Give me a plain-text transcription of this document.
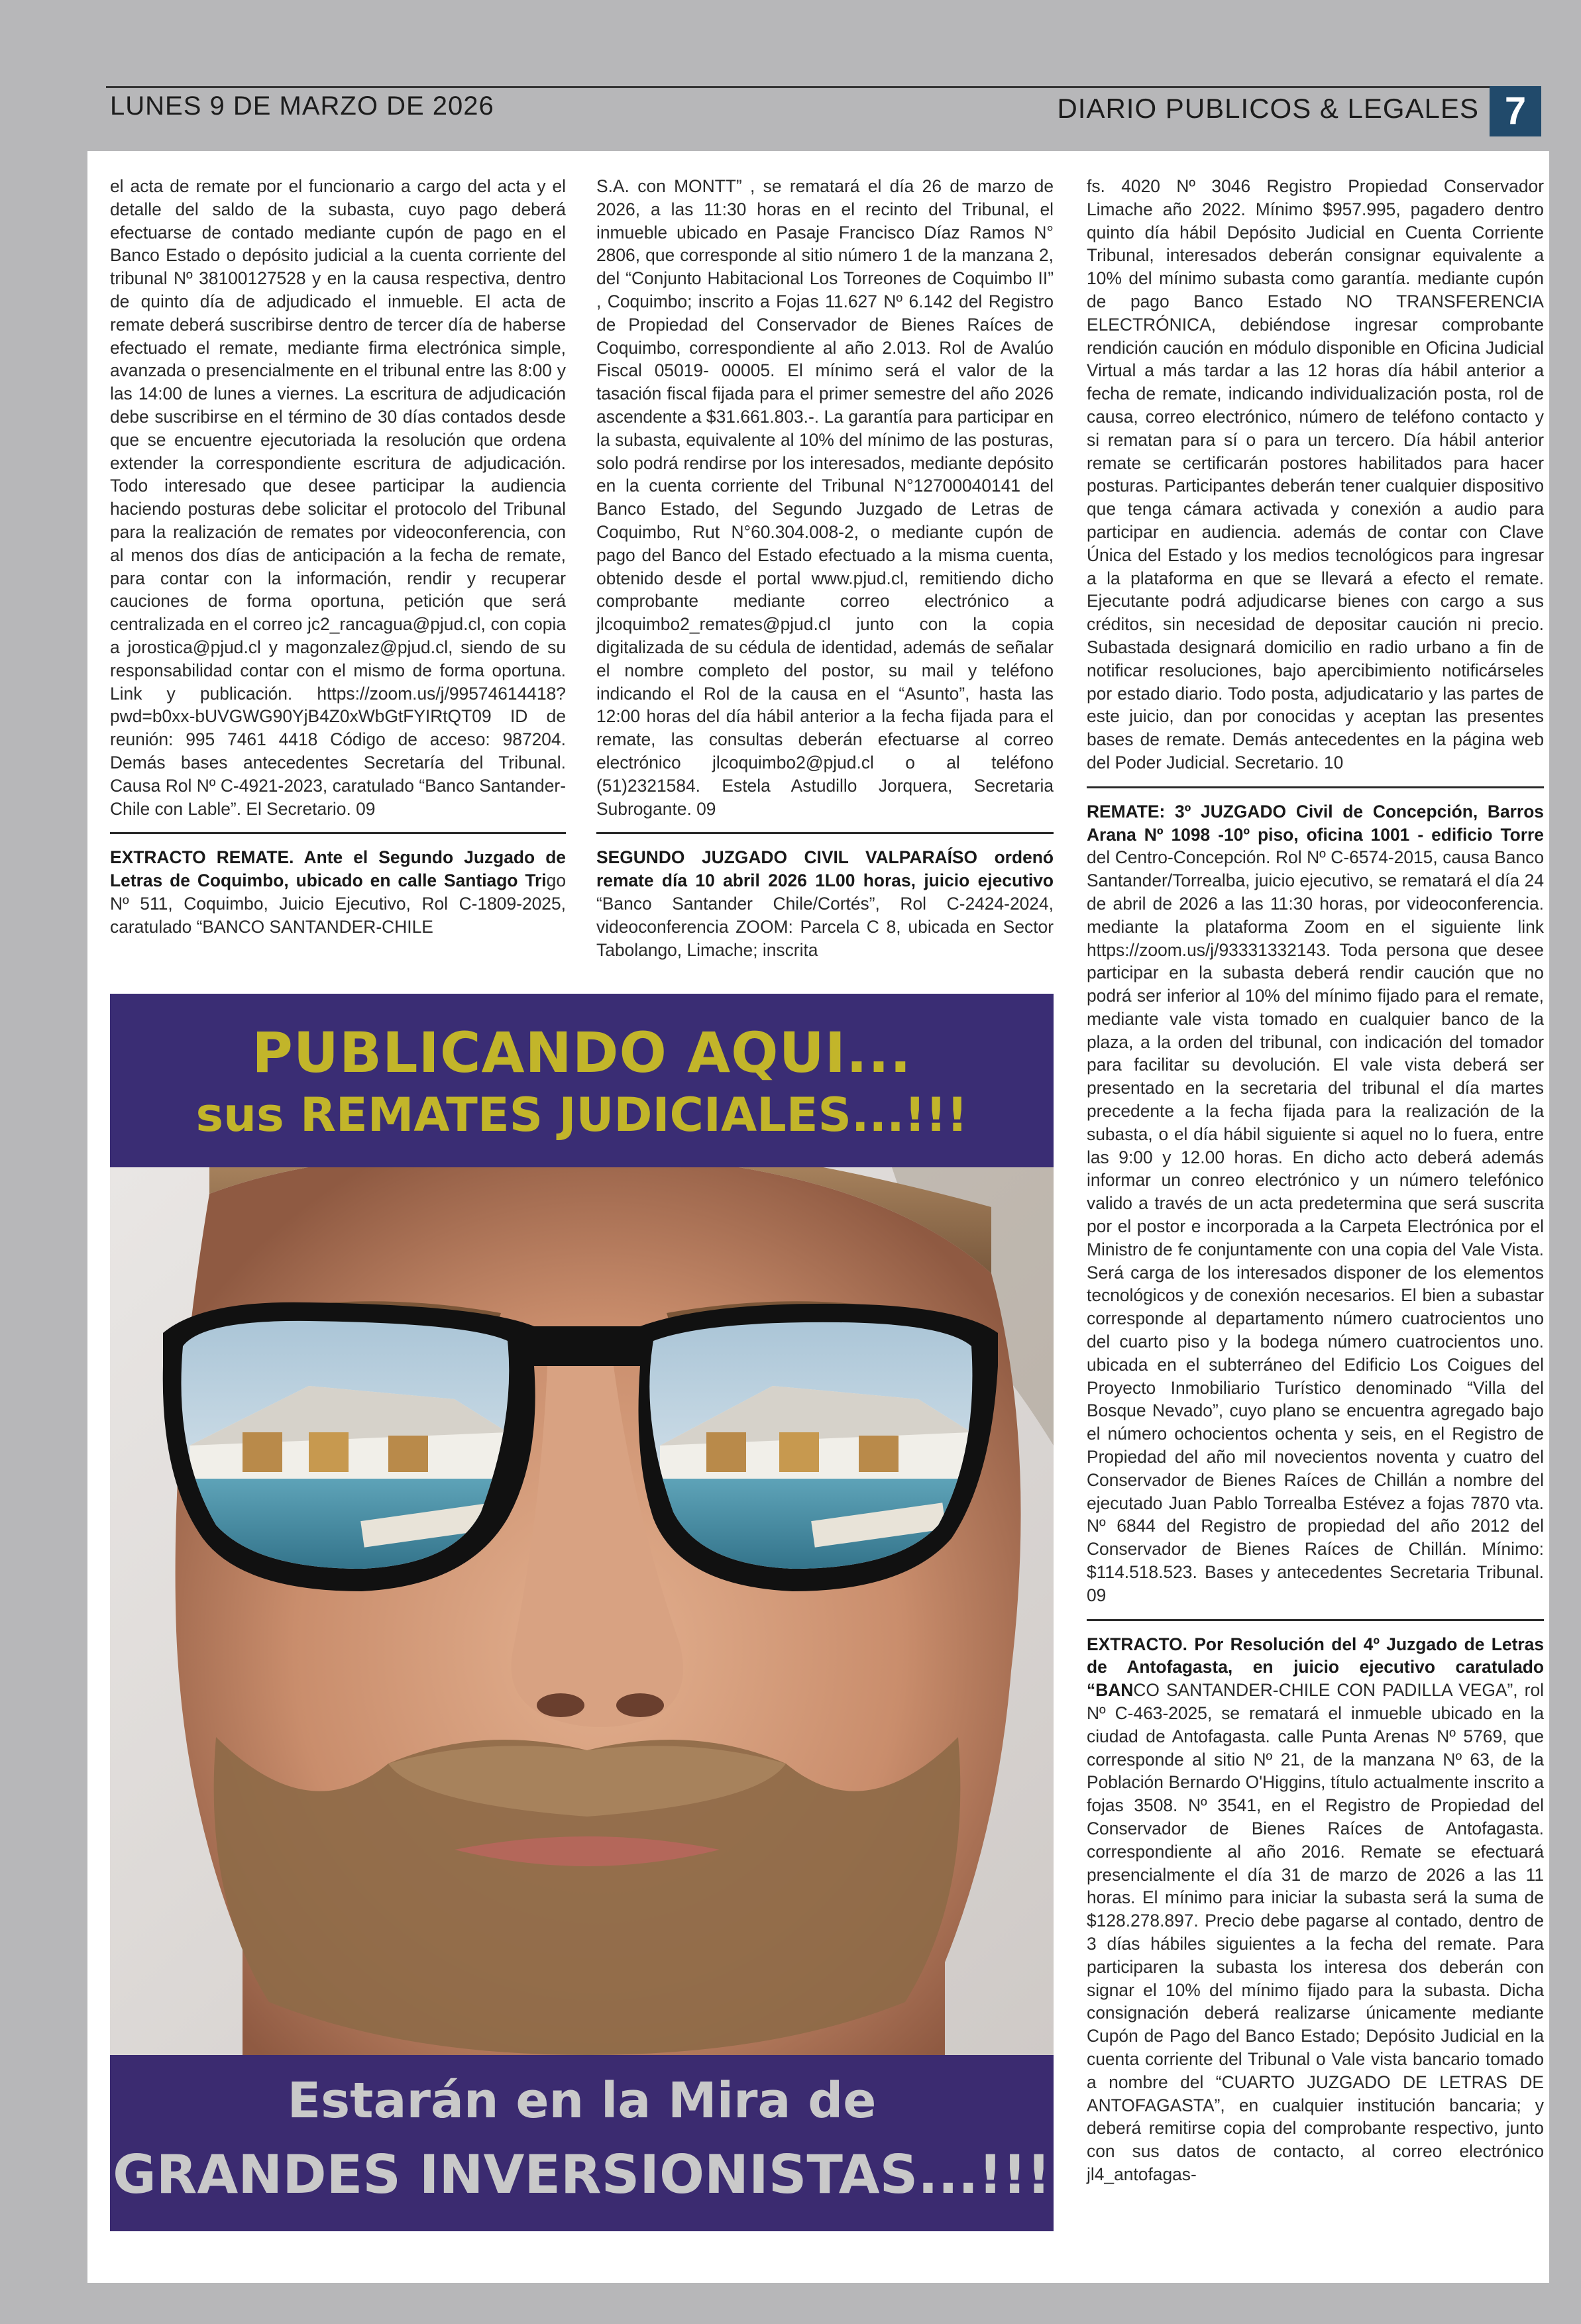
LUNES 9 DE MARZO DE 2026	DIARIO PUBLICOS & LEGALES 7

el acta de remate por el funcionario a cargo del acta y el detalle del saldo de la subasta, cuyo pago deberá efectuarse de contado mediante cupón de pago en el Banco Estado o depósito judicial a la cuenta corriente del tribunal Nº 38100127528 y en la causa respectiva, dentro de quinto día de adjudicado el inmueble. El acta de remate deberá suscribirse dentro de tercer día de haberse efectuado el remate, mediante firma electrónica simple, avanzada o presencialmente en el tribunal entre las 8:00 y las 14:00 de lunes a viernes. La escritura de adjudicación debe suscribirse en el término de 30 días contados desde que se encuentre ejecutoriada la resolución que ordena extender la correspondiente escritura de adjudicación. Todo interesado que desee participar la audiencia haciendo posturas debe solicitar el protocolo del Tribunal para la realización de remates por videoconferencia, con al menos dos días de anticipación a la fecha de remate, para contar con la información, rendir y recuperar cauciones de forma oportuna, petición que será centralizada en el correo jc2_rancagua@pjud.cl, con copia a jorostica@pjud.cl y magonzalez@pjud.cl, siendo de su responsabilidad contar con el mismo de forma oportuna. Link y publicación. https://zoom.us/j/99574614418?pwd=b0xx-bUVGWG90YjB4Z0xWbGtFYIRtQT09 ID de reunión: 995 7461 4418 Código de acceso: 987204. Demás bases antecedentes Secretaría del Tribunal. Causa Rol Nº C-4921-2023, caratulado “Banco Santander-Chile con Lable”. El Secretario. 09

EXTRACTO REMATE. Ante el Segundo Juzgado de Letras de Coquimbo, ubicado en calle Santiago Trigo Nº 511, Coquimbo, Juicio Ejecutivo, Rol C-1809-2025, caratulado “BANCO SANTANDER-CHILE

S.A. con MONTT” , se rematará el día 26 de marzo de 2026, a las 11:30 horas en el recinto del Tribunal, el inmueble ubicado en Pasaje Francisco Díaz Ramos N° 2806, que corresponde al sitio número 1 de la manzana 2, del “Conjunto Habitacional Los Torreones de Coquimbo II” , Coquimbo; inscrito a Fojas 11.627 Nº 6.142 del Registro de Propiedad del Conservador de Bienes Raíces de Coquimbo, correspondiente al año 2.013. Rol de Avalúo Fiscal 05019- 00005. El mínimo será el valor de la tasación fiscal fijada para el primer semestre del año 2026 ascendente a $31.661.803.-. La garantía para participar en la subasta, equivalente al 10% del mínimo de las posturas, solo podrá rendirse por los interesados, mediante depósito en la cuenta corriente del Tribunal N°12700040141 del Banco Estado, del Segundo Juzgado de Letras de Coquimbo, Rut N°60.304.008-2, o mediante cupón de pago del Banco del Estado efectuado a la misma cuenta, obtenido desde el portal www.pjud.cl, remitiendo dicho comprobante mediante correo electrónico a jlcoquimbo2_remates@pjud.cl junto con la copia digitalizada de su cédula de identidad, además de señalar el nombre completo del postor, su mail y teléfono indicando el Rol de la causa en el “Asunto”, hasta las 12:00 horas del día hábil anterior a la fecha fijada para el remate, las consultas deberán efectuarse al correo electrónico jlcoquimbo2@pjud.cl o al teléfono (51)2321584. Estela Astudillo Jorquera, Secretaria Subrogante. 09

SEGUNDO JUZGADO CIVIL VALPARAÍSO ordenó remate día 10 abril 2026 1L00 horas, juicio ejecutivo “Banco Santander Chile/Cortés”, Rol C-2424-2024, videoconferencia ZOOM: Parcela C 8, ubicada en Sector Tabolango, Limache; inscrita

fs. 4020 Nº 3046 Registro Propiedad Conservador Limache año 2022. Mínimo $957.995, pagadero dentro quinto día hábil Depósito Judicial en Cuenta Corriente Tribunal, interesados deberán consignar equivalente a 10% del mínimo subasta como garantía. mediante cupón de pago Banco Estado NO TRANSFERENCIA ELECTRÓNICA, debiéndose ingresar comprobante rendición caución en módulo disponible en Oficina Judicial Virtual a más tardar a las 12 horas día hábil anterior a fecha de remate, indicando individualización posta, rol de causa, correo electrónico, número de teléfono contacto y si rematan para sí o para un tercero. Día hábil anterior remate se certificarán postores habilitados para hacer posturas. Participantes deberán tener cualquier dispositivo que tenga cámara activada y conexión a audio para participar en audiencia. además de contar con Clave Única del Estado y los medios tecnológicos para ingresar a la plataforma en que se llevará a efecto el remate. Ejecutante podrá adjudicarse bienes con cargo a sus créditos, sin necesidad de depositar caución ni precio. Subastada designará domicilio en radio urbano a fin de notificar resoluciones, bajo apercibimiento notificárseles por estado diario. Todo posta, adjudicatario y las partes de este juicio, dan por conocidas y aceptan las presentes bases de remate. Demás antecedentes en la página web del Poder Judicial. Secretario. 10

REMATE: 3º JUZGADO Civil de Concepción, Barros Arana Nº 1098 -10º piso, oficina 1001 - edificio Torre del Centro-Concepción. Rol Nº C-6574-2015, causa Banco Santander/Torrealba, juicio ejecutivo, se rematará el día 24 de abril de 2026 a las 11:30 horas, por videoconferencia. mediante la plataforma Zoom en el siguiente link https://zoom.us/j/93331332143. Toda persona que desee participar en la subasta deberá rendir caución que no podrá ser inferior al 10% del mínimo fijado para el remate, mediante vale vista tomado en cualquier banco de la plaza, a la orden del tribunal, con indicación del tomador para facilitar su devolución. El vale vista deberá ser presentado en la secretaria del tribunal el día martes precedente a la fecha fijada para la realización de la subasta, o el día hábil siguiente si aquel no lo fuera, entre las 9:00 y 12.00 horas. En dicho acto deberá además informar un conreo electrónico y un número telefónico valido a través de un acta predetermina que será suscrita por el postor e incorporada a la Carpeta Electrónica por el Ministro de fe conjuntamente con una copia del Vale Vista. Será carga de los interesados disponer de los elementos tecnológicos y de conexión necesarios. El bien a subastar corresponde al departamento número cuatrocientos uno del cuarto piso y la bodega número cuatrocientos uno. ubicada en el subterráneo del Edificio Los Coigues del Proyecto Inmobiliario Turístico denominado “Villa del Bosque Nevado”, cuyo plano se encuentra agregado bajo el número ochocientos ochenta y seis, en el Registro de Propiedad del año mil novecientos noventa y cuatro del Conservador de Bienes Raíces de Chillán a nombre del ejecutado Juan Pablo Torrealba Estévez a fojas 7870 vta. Nº 6844 del Registro de propiedad del año 2012 del Conservador de Bienes Raíces de Chillán. Mínimo: $114.518.523. Bases y antecedentes Secretaria Tribunal. 09

EXTRACTO. Por Resolución del 4º Juzgado de Letras de Antofagasta, en juicio ejecutivo caratulado “BANCO SANTANDER-CHILE CON PADILLA VEGA”, rol Nº C-463-2025, se rematará el inmueble ubicado en la ciudad de Antofagasta. calle Punta Arenas Nº 5769, que corresponde al sitio Nº 21, de la manzana Nº 63, de la Población Bernardo O'Higgins, título actualmente inscrito a fojas 3508. Nº 3541, en el Registro de Propiedad del Conservador de Bienes Raíces de Antofagasta. correspondiente al año 2016. Remate se efectuará presencialmente el día 31 de marzo de 2026 a las 11 horas. El mínimo para iniciar la subasta será la suma de $128.278.897. Precio debe pagarse al contado, dentro de 3 días hábiles siguientes a la fecha del remate. Para participaren la subasta los interesa dos deberán con signar el 10% del mínimo fijado para la subasta. Dicha consignación deberá realizarse únicamente mediante Cupón de Pago del Banco Estado; Depósito Judicial en la cuenta corriente del Tribunal o Vale vista bancario tomado a nombre del “CUARTO JUZGADO DE LETRAS DE ANTOFAGASTA”, en cualquier institución bancaria; y deberá remitirse copia del comprobante respectivo, junto con sus datos de contacto, al correo electrónico jl4_antofagas-

PUBLICANDO AQUI...
sus REMATES JUDICIALES...!!!
Estarán en la Mira de
GRANDES INVERSIONISTAS...!!!
